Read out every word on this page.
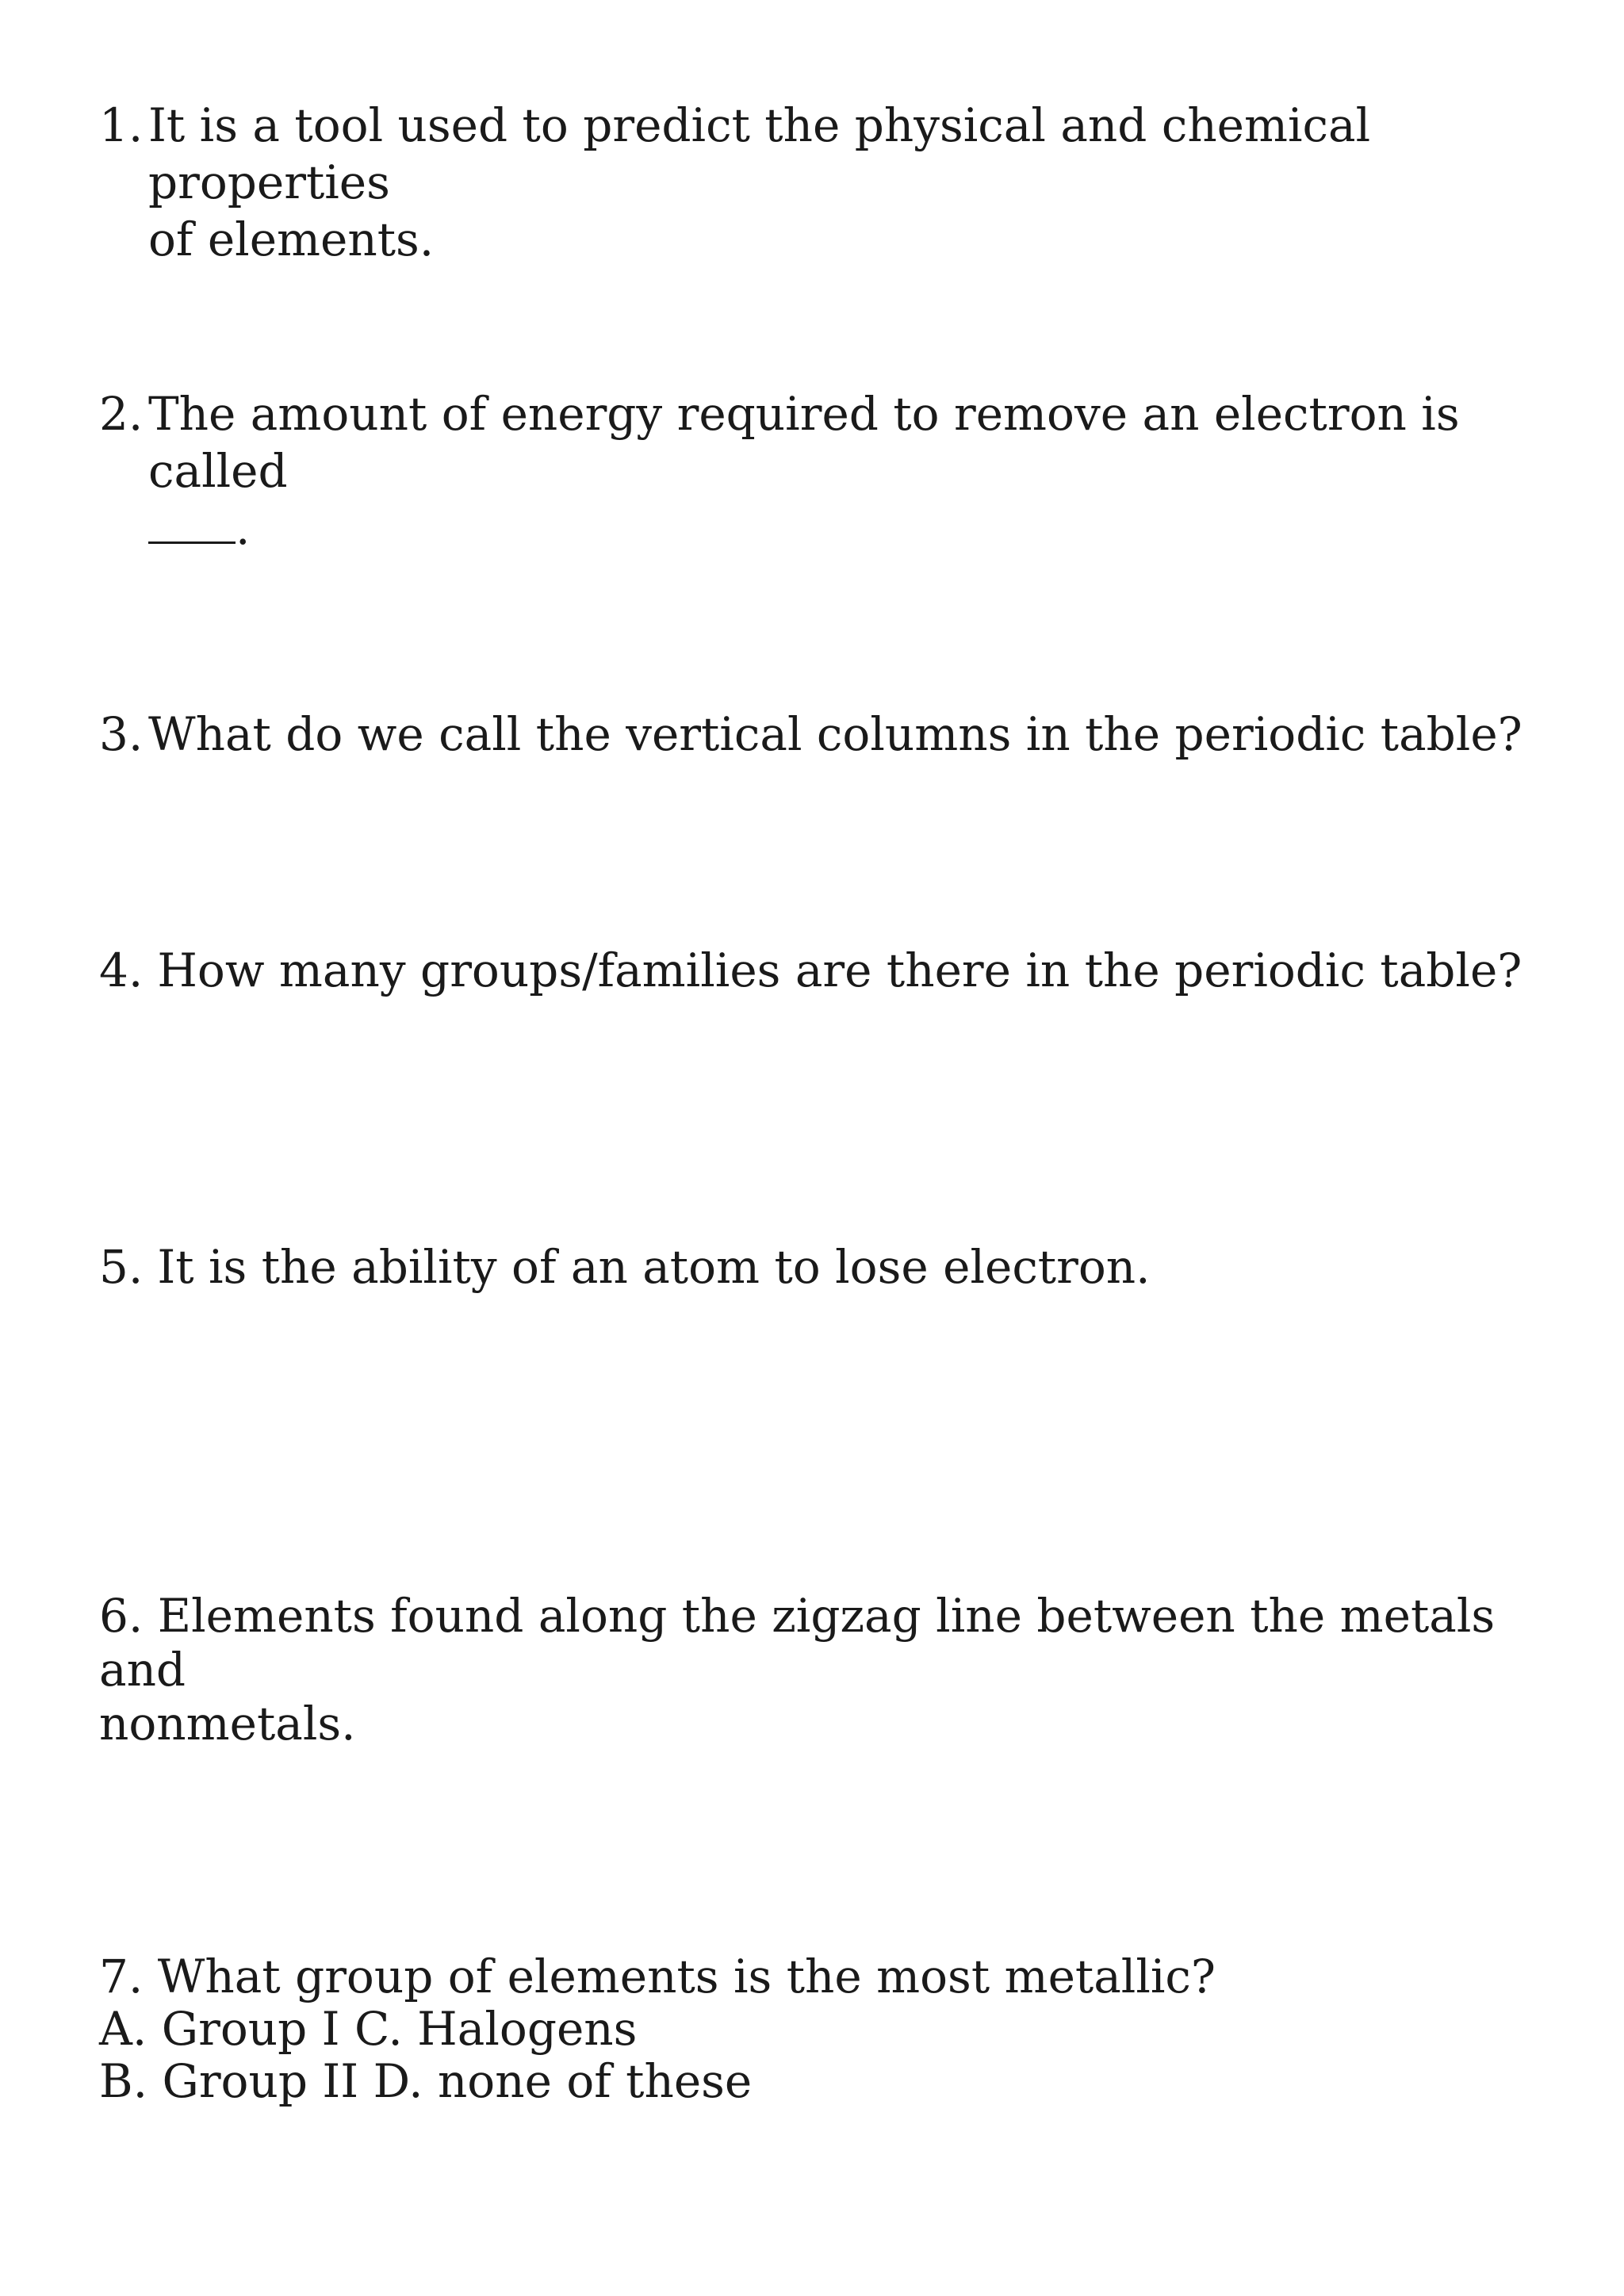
1. It is a tool used to predict the physical and chemical properties
of elements.
2. The amount of energy required to remove an electron is called
.
3. What do we call the vertical columns in the periodic table?
4. How many groups/families are there in the periodic table?
5. It is the ability of an atom to lose electron.
6. Elements found along the zigzag line between the metals and
nonmetals.
7. What group of elements is the most metallic?
A. Group I C. Halogens
B. Group II D. none of these
